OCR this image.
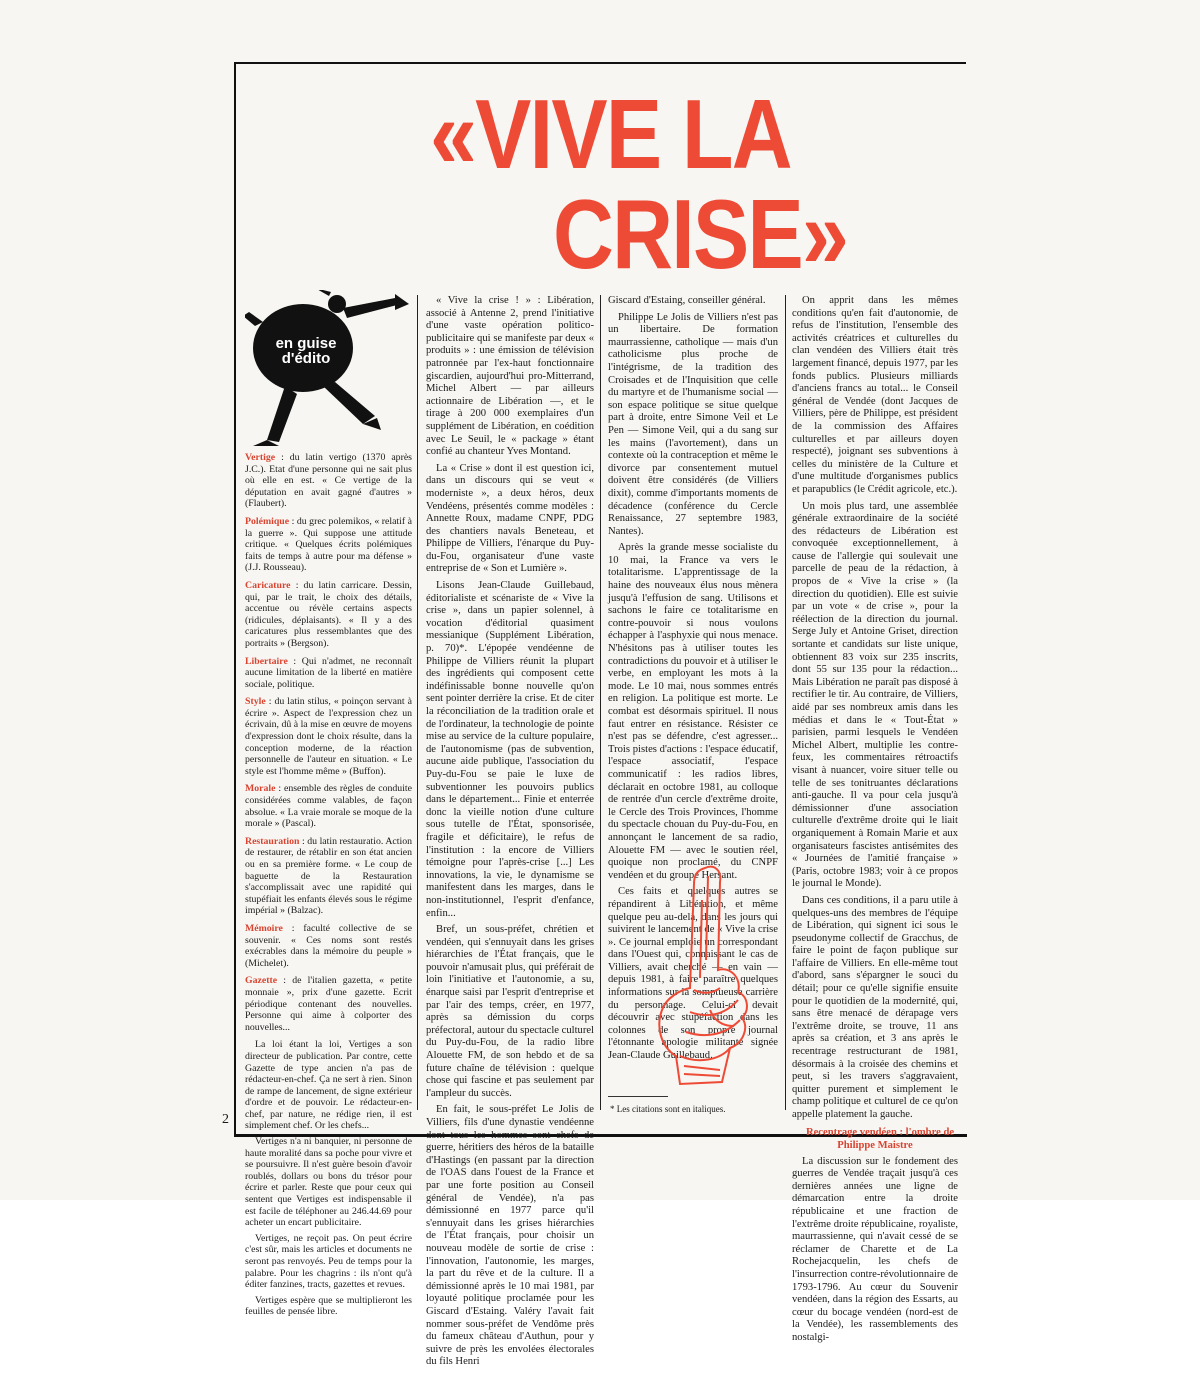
2
«VIVE LA
CRISE»
en guise d'édito
Vertige : du latin vertigo (1370 après J.C.). Etat d'une personne qui ne sait plus où elle en est. « Ce vertige de la députation en avait gagné d'autres » (Flaubert).
Polémique : du grec polemikos, « relatif à la guerre ». Qui suppose une attitude critique. « Quelques écrits polémiques faits de temps à autre pour ma défense » (J.J. Rousseau).
Caricature : du latin carricare. Dessin, qui, par le trait, le choix des détails, accentue ou révèle certains aspects (ridicules, déplaisants). « Il y a des caricatures plus ressemblantes que des portraits » (Bergson).
Libertaire : Qui n'admet, ne reconnaît aucune limitation de la liberté en matière sociale, politique.
Style : du latin stilus, « poinçon servant à écrire ». Aspect de l'expression chez un écrivain, dû à la mise en œuvre de moyens d'expression dont le choix résulte, dans la conception moderne, de la réaction personnelle de l'auteur en situation. « Le style est l'homme même » (Buffon).
Morale : ensemble des règles de conduite considérées comme valables, de façon absolue. « La vraie morale se moque de la morale » (Pascal).
Restauration : du latin restauratio. Action de restaurer, de rétablir en son état ancien ou en sa première forme. « Le coup de baguette de la Restauration s'accomplissait avec une rapidité qui stupéfiait les enfants élevés sous le régime impérial » (Balzac).
Mémoire : faculté collective de se souvenir. « Ces noms sont restés exécrables dans la mémoire du peuple » (Michelet).
Gazette : de l'italien gazetta, « petite monnaie », prix d'une gazette. Ecrit périodique contenant des nouvelles. Personne qui aime à colporter des nouvelles...

La loi étant la loi, Vertiges a son directeur de publication. Par contre, cette Gazette de type ancien n'a pas de rédacteur-en-chef. Ça ne sert à rien. Sinon de rampe de lancement, de signe extérieur d'ordre et de pouvoir. Le rédacteur-en-chef, par nature, ne rédige rien, il est simplement chef. Or les chefs...

Vertiges n'a ni banquier, ni personne de haute moralité dans sa poche pour vivre et se poursuivre. Il n'est guère besoin d'avoir roublés, dollars ou bons du trésor pour écrire et parler. Reste que pour ceux qui sentent que Vertiges est indispensable il est facile de téléphoner au 246.44.69 pour acheter un encart publicitaire.

Vertiges, ne reçoit pas. On peut écrire c'est sûr, mais les articles et documents ne seront pas renvoyés. Peu de temps pour la palabre. Pour les chagrins : ils n'ont qu'à éditer fanzines, tracts, gazettes et revues.

Vertiges espère que se multiplieront les feuilles de pensée libre.

« Vive la crise ! » : Libération, associé à Antenne 2, prend l'initiative d'une vaste opération politico-publicitaire qui se manifeste par deux « produits » : une émission de télévision patronnée par l'ex-haut fonctionnaire giscardien, aujourd'hui pro-Mitterrand, Michel Albert — par ailleurs actionnaire de Libération —, et le tirage à 200 000 exemplaires d'un supplément de Libération, en coédition avec Le Seuil, le « package » étant confié au chanteur Yves Montand.

La « Crise » dont il est question ici, dans un discours qui se veut « moderniste », a deux héros, deux Vendéens, présentés comme modèles : Annette Roux, madame CNPF, PDG des chantiers navals Beneteau, et Philippe de Villiers, l'énarque du Puy-du-Fou, organisateur d'une vaste entreprise de « Son et Lumière ».

Lisons Jean-Claude Guillebaud, éditorialiste et scénariste de « Vive la crise », dans un papier solennel, à vocation d'éditorial quasiment messianique (Supplément Libération, p. 70)*. L'épopée vendéenne de Philippe de Villiers réunit la plupart des ingrédients qui composent cette indéfinissable bonne nouvelle qu'on sent pointer derrière la crise. Et de citer la réconciliation de la tradition orale et de l'ordinateur, la technologie de pointe mise au service de la culture populaire, de l'autonomisme (pas de subvention, aucune aide publique, l'association du Puy-du-Fou se paie le luxe de subventionner les pouvoirs publics dans le département... Finie et enterrée donc la vieille notion d'une culture sous tutelle de l'État, sponsorisée, fragile et déficitaire), le refus de l'institution : la encore de Villiers témoigne pour l'après-crise [...] Les innovations, la vie, le dynamisme se manifestent dans les marges, dans le non-institutionnel, l'esprit d'enfance, enfin...

Bref, un sous-préfet, chrétien et vendéen, qui s'ennuyait dans les grises hiérarchies de l'État français, que le pouvoir n'amusait plus, qui préférait de loin l'initiative et l'autonomie, a su, énarque saisi par l'esprit d'entreprise et par l'air des temps, créer, en 1977, après sa démission du corps préfectoral, autour du spectacle culturel du Puy-du-Fou, de la radio libre Alouette FM, de son hebdo et de sa future chaîne de télévision : quelque chose qui fascine et pas seulement par l'ampleur du succès.

En fait, le sous-préfet Le Jolis de Villiers, fils d'une dynastie vendéenne dont tous les hommes sont chefs de guerre, héritiers des héros de la bataille d'Hastings (en passant par la direction de l'OAS dans l'ouest de la France et par une forte position au Conseil général de Vendée), n'a pas démissionné en 1977 parce qu'il s'ennuyait dans les grises hiérarchies de l'État français, pour choisir un nouveau modèle de sortie de crise : l'innovation, l'autonomie, les marges, la part du rêve et de la culture. Il a démissionné après le 10 mai 1981, par loyauté politique proclamée pour les Giscard d'Estaing. Valéry l'avait fait nommer sous-préfet de Vendôme près du fameux château d'Authun, pour y suivre de près les envolées électorales du fils Henri

Giscard d'Estaing, conseiller général.

Philippe Le Jolis de Villiers n'est pas un libertaire. De formation maurrassienne, catholique — mais d'un catholicisme plus proche de l'intégrisme, de la tradition des Croisades et de l'Inquisition que celle du martyre et de l'humanisme social — son espace politique se situe quelque part à droite, entre Simone Veil et Le Pen — Simone Veil, qui a du sang sur les mains (l'avortement), dans un contexte où la contraception et même le divorce par consentement mutuel doivent être considérés (de Villiers dixit), comme d'importants moments de décadence (conférence du Cercle Renaissance, 27 septembre 1983, Nantes).

Après la grande messe socialiste du 10 mai, la France va vers le totalitarisme. L'apprentissage de la haine des nouveaux élus nous mènera jusqu'à l'effusion de sang. Utilisons et sachons le faire ce totalitarisme en contre-pouvoir si nous voulons échapper à l'asphyxie qui nous menace. N'hésitons pas à utiliser toutes les contradictions du pouvoir et à utiliser le verbe, en employant les mots à la mode. Le 10 mai, nous sommes entrés en religion. La politique est morte. Le combat est désormais spirituel. Il nous faut entrer en résistance. Résister ce n'est pas se défendre, c'est agresser... Trois pistes d'actions : l'espace éducatif, l'espace associatif, l'espace communicatif : les radios libres, déclarait en octobre 1981, au colloque de rentrée d'un cercle d'extrême droite, le Cercle des Trois Provinces, l'homme du spectacle chouan du Puy-du-Fou, en annonçant le lancement de sa radio, Alouette FM — avec le soutien réel, quoique non proclamé, du CNPF vendéen et du groupe Hersant.

Ces faits et quelques autres se répandirent à Libération, et même quelque peu au-delà, dans les jours qui suivirent le lancement de « Vive la crise ». Ce journal emploie un correspondant dans l'Ouest qui, connaissant le cas de Villiers, avait cherché — en vain — depuis 1981, à faire paraître quelques informations sur la somptueuse carrière du personnage. Celui-ci devait découvrir avec stupéfaction dans les colonnes de son propre journal l'étonnante apologie militante signée Jean-Claude Guillebaud.

On apprit dans les mêmes conditions qu'en fait d'autonomie, de refus de l'institution, l'ensemble des activités créatrices et culturelles du clan vendéen des Villiers était très largement financé, depuis 1977, par les fonds publics. Plusieurs milliards d'anciens francs au total... le Conseil général de Vendée (dont Jacques de Villiers, père de Philippe, est président de la commission des Affaires culturelles et par ailleurs doyen respecté), joignant ses subventions à celles du ministère de la Culture et d'une multitude d'organismes publics et parapublics (le Crédit agricole, etc.).

Un mois plus tard, une assemblée générale extraordinaire de la société des rédacteurs de Libération est convoquée exceptionnellement, à cause de l'allergie qui soulevait une parcelle de peau de la rédaction, à propos de « Vive la crise » (la direction du quotidien). Elle est suivie par un vote « de crise », pour la réélection de la direction du journal. Serge July et Antoine Griset, direction sortante et candidats sur liste unique, obtiennent 83 voix sur 235 inscrits, dont 55 sur 135 pour la rédaction... Mais Libération ne paraît pas disposé à rectifier le tir. Au contraire, de Villiers, aidé par ses nombreux amis dans les médias et dans le « Tout-État » parisien, parmi lesquels le Vendéen Michel Albert, multiplie les contre-feux, les commentaires rétroactifs visant à nuancer, voire situer telle ou telle de ses tonitruantes déclarations anti-gauche. Il va pour cela jusqu'à démissionner d'une association culturelle d'extrême droite qui le liait organiquement à Romain Marie et aux organisateurs fascistes antisémites des « Journées de l'amitié française » (Paris, octobre 1983; voir à ce propos le journal le Monde).

Dans ces conditions, il a paru utile à quelques-uns des membres de l'équipe de Libération, qui signent ici sous le pseudonyme collectif de Gracchus, de faire le point de façon publique sur l'affaire de Villiers. En elle-même tout d'abord, sans s'épargner le souci du détail; pour ce qu'elle signifie ensuite pour le quotidien de la modernité, qui, sans être menacé de dérapage vers l'extrême droite, se trouve, 11 ans après sa création, et 3 ans après le recentrage restructurant de 1981, désormais à la croisée des chemins et peut, si les travers s'aggravaient, quitter purement et simplement le champ politique et culturel de ce qu'on appelle platement la gauche.

Recentrage vendéen : l'ombre de Philippe Maistre

La discussion sur le fondement des guerres de Vendée traçait jusqu'à ces dernières années une ligne de démarcation entre la droite républicaine et une fraction de l'extrême droite républicaine, royaliste, maurrassienne, qui n'avait cessé de se réclamer de Charette et de La Rochejacquelin, les chefs de l'insurrection contre-révolutionnaire de 1793-1796. Au cœur du Souvenir vendéen, dans la région des Essarts, au cœur du bocage vendéen (nord-est de la Vendée), les rassemblements des nostalgi-

* Les citations sont en italiques.
